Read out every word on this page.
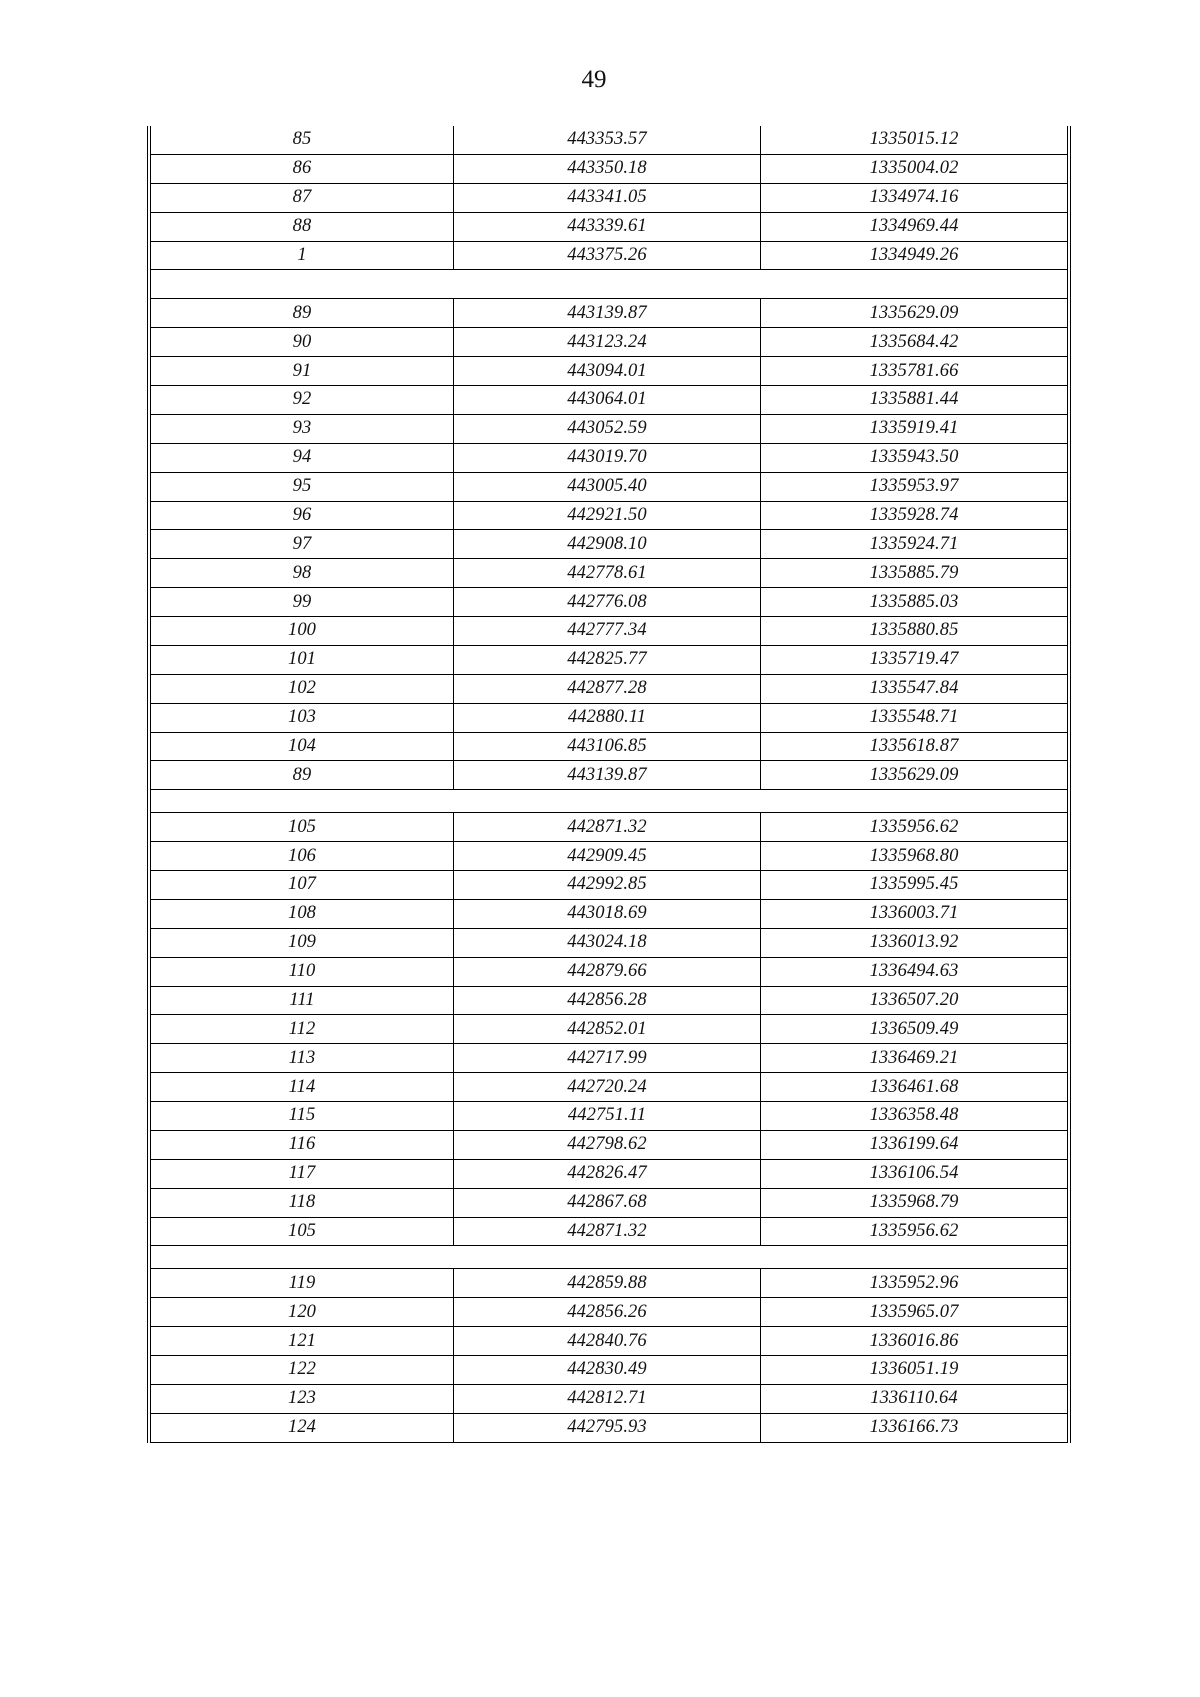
49
85	443353.57	1335015.12
86	443350.18	1335004.02
87	443341.05	1334974.16
88	443339.61	1334969.44
1	443375.26	1334949.26
89	443139.87	1335629.09
90	443123.24	1335684.42
91	443094.01	1335781.66
92	443064.01	1335881.44
93	443052.59	1335919.41
94	443019.70	1335943.50
95	443005.40	1335953.97
96	442921.50	1335928.74
97	442908.10	1335924.71
98	442778.61	1335885.79
99	442776.08	1335885.03
100	442777.34	1335880.85
101	442825.77	1335719.47
102	442877.28	1335547.84
103	442880.11	1335548.71
104	443106.85	1335618.87
89	443139.87	1335629.09
105	442871.32	1335956.62
106	442909.45	1335968.80
107	442992.85	1335995.45
108	443018.69	1336003.71
109	443024.18	1336013.92
110	442879.66	1336494.63
111	442856.28	1336507.20
112	442852.01	1336509.49
113	442717.99	1336469.21
114	442720.24	1336461.68
115	442751.11	1336358.48
116	442798.62	1336199.64
117	442826.47	1336106.54
118	442867.68	1335968.79
105	442871.32	1335956.62
119	442859.88	1335952.96
120	442856.26	1335965.07
121	442840.76	1336016.86
122	442830.49	1336051.19
123	442812.71	1336110.64
124	442795.93	1336166.73
